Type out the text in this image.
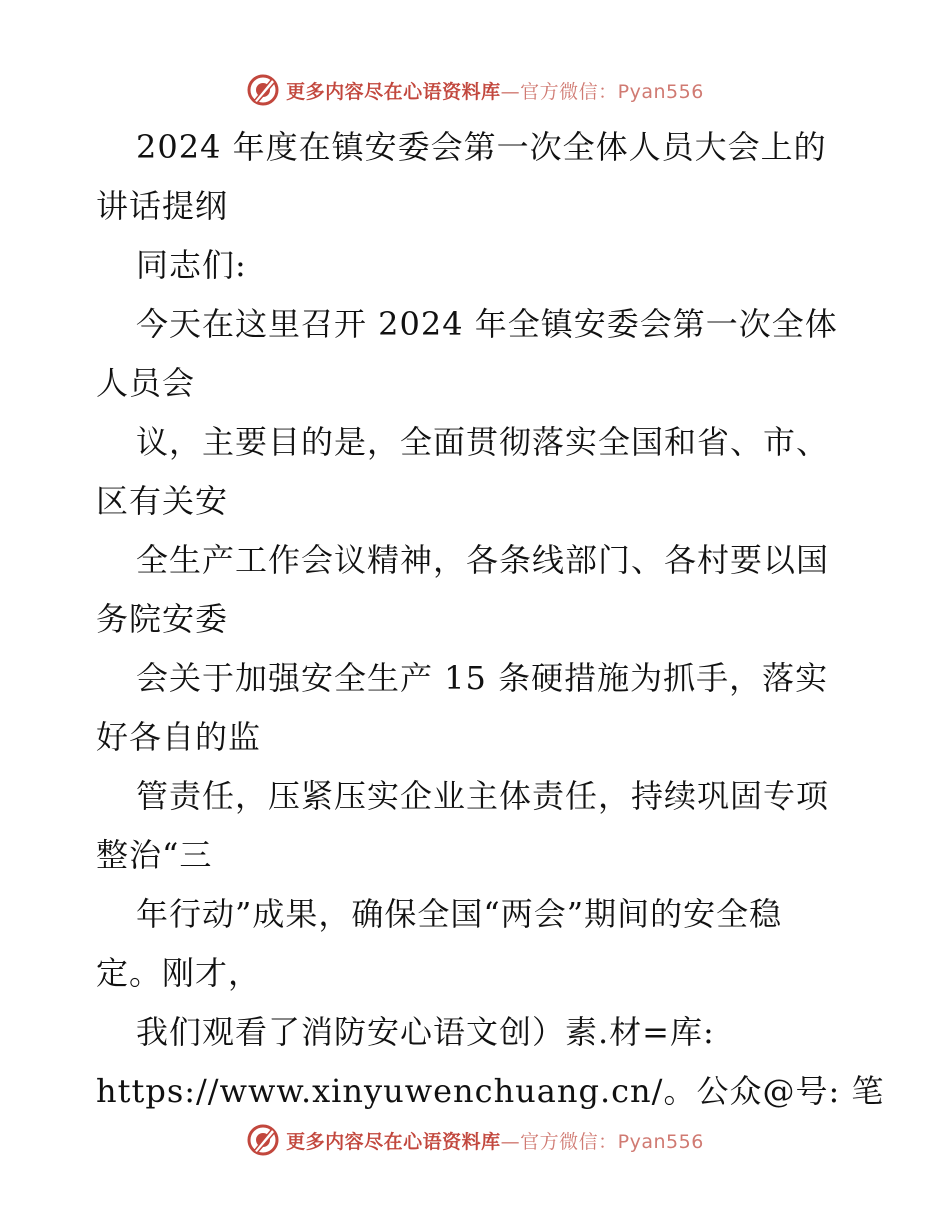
更多内容尽在心语资料库—官方微信：Pyan556
2024 年度在镇安委会第一次全体人员大会上的
讲话提纲
同志们:
今天在这里召开 2024 年全镇安委会第一次全体
人员会
议，主要目的是，全面贯彻落实全国和省、市、
区有关安
全生产工作会议精神，各条线部门、各村要以国
务院安委
会关于加强安全生产 15 条硬措施为抓手，落实
好各自的监
管责任，压紧压实企业主体责任，持续巩固专项
整治“三
年行动”成果，确保全国“两会”期间的安全稳
定。刚才，
我们观看了消防安心语文创）素.材=库:
https://www.xinyuwenchuang.cn/。公众@号: 笔
更多内容尽在心语资料库—官方微信：Pyan556
